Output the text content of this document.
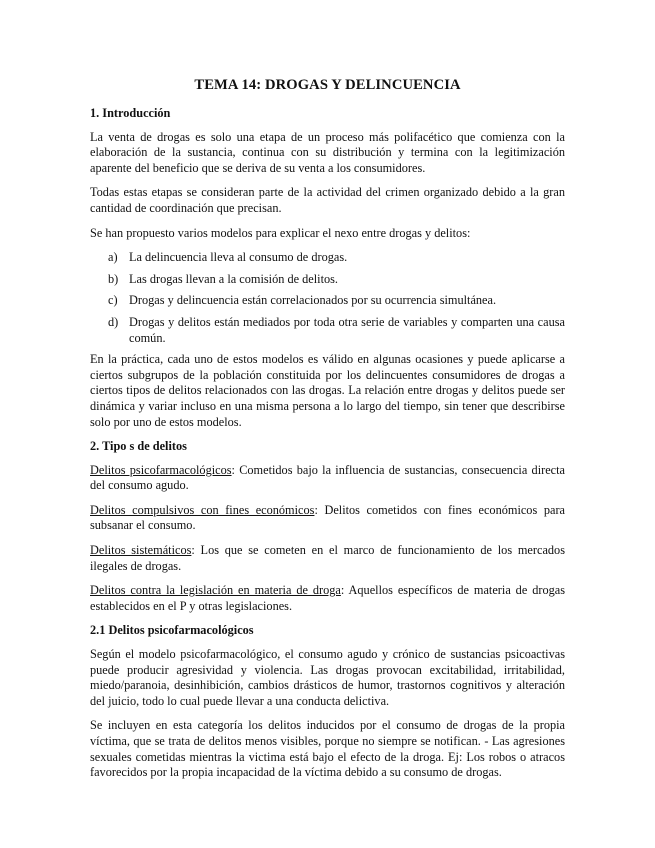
TEMA 14: DROGAS Y DELINCUENCIA
1. Introducción

La venta de drogas es solo una etapa de un proceso más polifacético que comienza con la elaboración de la sustancia, continua con su distribución y termina con la legitimización aparente del beneficio que se deriva de su venta a los consumidores.

Todas estas etapas se consideran parte de la actividad del crimen organizado debido a la gran cantidad de coordinación que precisan.

Se han propuesto varios modelos para explicar el nexo entre drogas y delitos:

a) La delincuencia lleva al consumo de drogas.
b) Las drogas llevan a la comisión de delitos.
c) Drogas y delincuencia están correlacionados por su ocurrencia simultánea.
d) Drogas y delitos están mediados por toda otra serie de variables y comparten una causa común.

En la práctica, cada uno de estos modelos es válido en algunas ocasiones y puede aplicarse a ciertos subgrupos de la población constituida por los delincuentes consumidores de drogas a ciertos tipos de delitos relacionados con las drogas. La relación entre drogas y delitos puede ser dinámica y variar incluso en una misma persona a lo largo del tiempo, sin tener que describirse solo por uno de estos modelos.

2. Tipo s de delitos

Delitos psicofarmacológicos: Cometidos bajo la influencia de sustancias, consecuencia directa del consumo agudo.

Delitos compulsivos con fines económicos: Delitos cometidos con fines económicos para subsanar el consumo.

Delitos sistemáticos: Los que se cometen en el marco de funcionamiento de los mercados ilegales de drogas.

Delitos contra la legislación en materia de droga: Aquellos específicos de materia de drogas establecidos en el P y otras legislaciones.

2.1 Delitos psicofarmacológicos

Según el modelo psicofarmacológico, el consumo agudo y crónico de sustancias psicoactivas puede producir agresividad y violencia. Las drogas provocan excitabilidad, irritabilidad, miedo/paranoia, desinhibición, cambios drásticos de humor, trastornos cognitivos y alteración del juicio, todo lo cual puede llevar a una conducta delictiva.

Se incluyen en esta categoría los delitos inducidos por el consumo de drogas de la propia víctima, que se trata de delitos menos visibles, porque no siempre se notifican. - Las agresiones sexuales cometidas mientras la victima está bajo el efecto de la droga. Ej: Los robos o atracos favorecidos por la propia incapacidad de la víctima debido a su consumo de drogas.
